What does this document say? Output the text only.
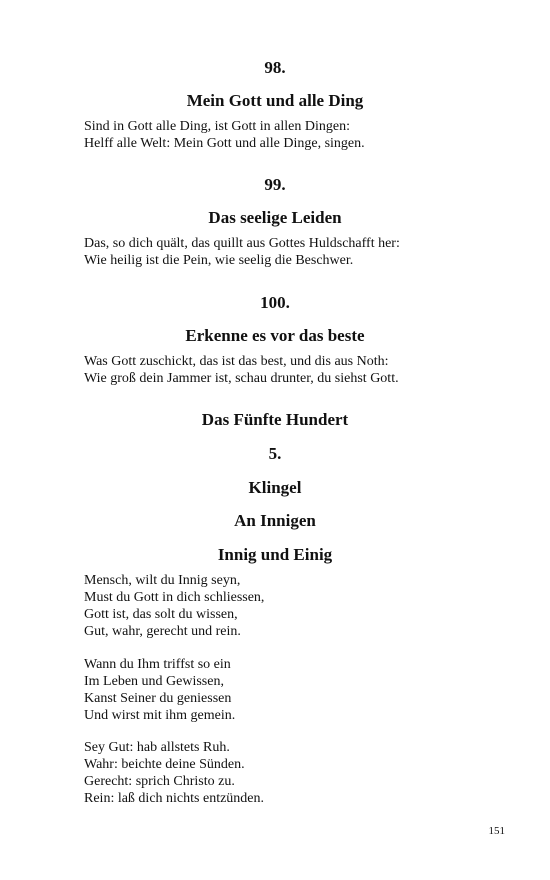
98.
Mein Gott und alle Ding

Sind in Gott alle Ding, ist Gott in allen Dingen:
Helff alle Welt: Mein Gott und alle Dinge, singen.

99.
Das seelige Leiden

Das, so dich quält, das quillt aus Gottes Huldschafft her:
Wie heilig ist die Pein, wie seelig die Beschwer.

100.
Erkenne es vor das beste

Was Gott zuschickt, das ist das best, und dis aus Noth:
Wie groß dein Jammer ist, schau drunter, du siehst Gott.

Das Fünfte Hundert
5.
Klingel
An Innigen
Innig und Einig

Mensch, wilt du Innig seyn,
Must du Gott in dich schliessen,
Gott ist, das solt du wissen,
Gut, wahr, gerecht und rein.

Wann du Ihm triffst so ein
Im Leben und Gewissen,
Kanst Seiner du geniessen
Und wirst mit ihm gemein.

Sey Gut: hab allstets Ruh.
Wahr: beichte deine Sünden.
Gerecht: sprich Christo zu.
Rein: laß dich nichts entzünden.

151
